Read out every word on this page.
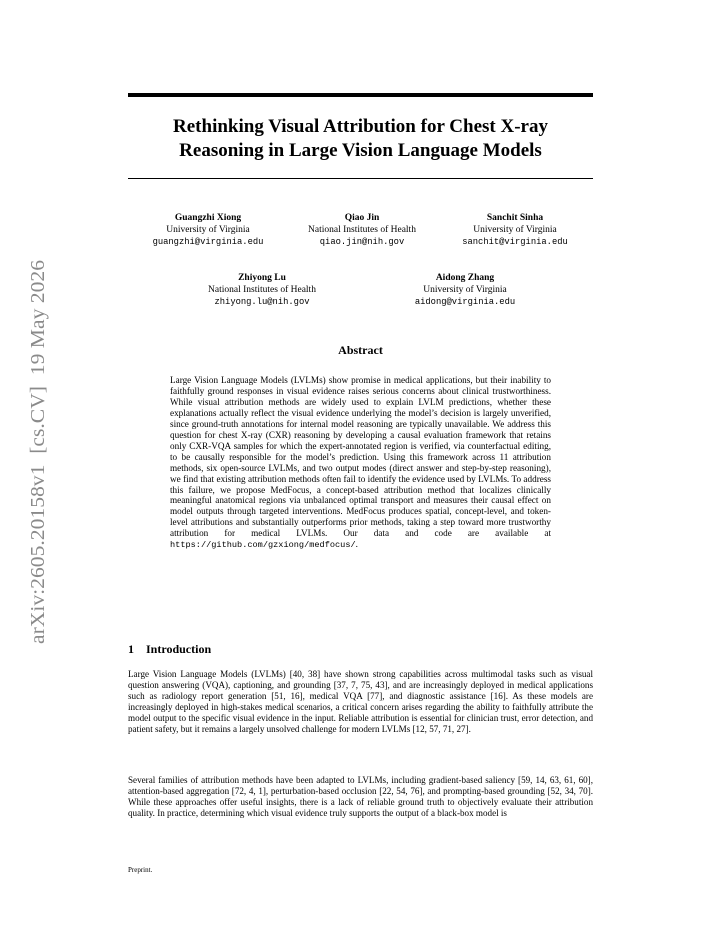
arXiv:2605.20158v1  [cs.CV]  19 May 2026
Rethinking Visual Attribution for Chest X-ray
Reasoning in Large Vision Language Models
Guangzhi Xiong
University of Virginia
guangzhi@virginia.edu
Qiao Jin
National Institutes of Health
qiao.jin@nih.gov
Sanchit Sinha
University of Virginia
sanchit@virginia.edu
Zhiyong Lu
National Institutes of Health
zhiyong.lu@nih.gov
Aidong Zhang
University of Virginia
aidong@virginia.edu
Abstract
Large Vision Language Models (LVLMs) show promise in medical applications, but their inability to faithfully ground responses in visual evidence raises serious concerns about clinical trustworthiness. While visual attribution methods are widely used to explain LVLM predictions, whether these explanations actually reflect the visual evidence underlying the model’s decision is largely unverified, since ground-truth annotations for internal model reasoning are typically unavailable. We address this question for chest X-ray (CXR) reasoning by developing a causal evaluation framework that retains only CXR-VQA samples for which the expert-annotated region is verified, via counterfactual editing, to be causally responsible for the model’s prediction. Using this framework across 11 attribution methods, six open-source LVLMs, and two output modes (direct answer and step-by-step reasoning), we find that existing attribution methods often fail to identify the evidence used by LVLMs. To address this failure, we propose MedFocus, a concept-based attribution method that localizes clinically meaningful anatomical regions via unbalanced optimal transport and measures their causal effect on model outputs through targeted interventions. MedFocus produces spatial, concept-level, and token-level attributions and substantially outperforms prior methods, taking a step toward more trustworthy attribution for medical LVLMs. Our data and code are available at https://github.com/gzxiong/medfocus/.
1 Introduction
Large Vision Language Models (LVLMs) [40, 38] have shown strong capabilities across multimodal tasks such as visual question answering (VQA), captioning, and grounding [37, 7, 75, 43], and are increasingly deployed in medical applications such as radiology report generation [51, 16], medical VQA [77], and diagnostic assistance [16]. As these models are increasingly deployed in high-stakes medical scenarios, a critical concern arises regarding the ability to faithfully attribute the model output to the specific visual evidence in the input. Reliable attribution is essential for clinician trust, error detection, and patient safety, but it remains a largely unsolved challenge for modern LVLMs [12, 57, 71, 27].
Several families of attribution methods have been adapted to LVLMs, including gradient-based saliency [59, 14, 63, 61, 60], attention-based aggregation [72, 4, 1], perturbation-based occlusion [22, 54, 76], and prompting-based grounding [52, 34, 70]. While these approaches offer useful insights, there is a lack of reliable ground truth to objectively evaluate their attribution quality. In practice, determining which visual evidence truly supports the output of a black-box model is
Preprint.
